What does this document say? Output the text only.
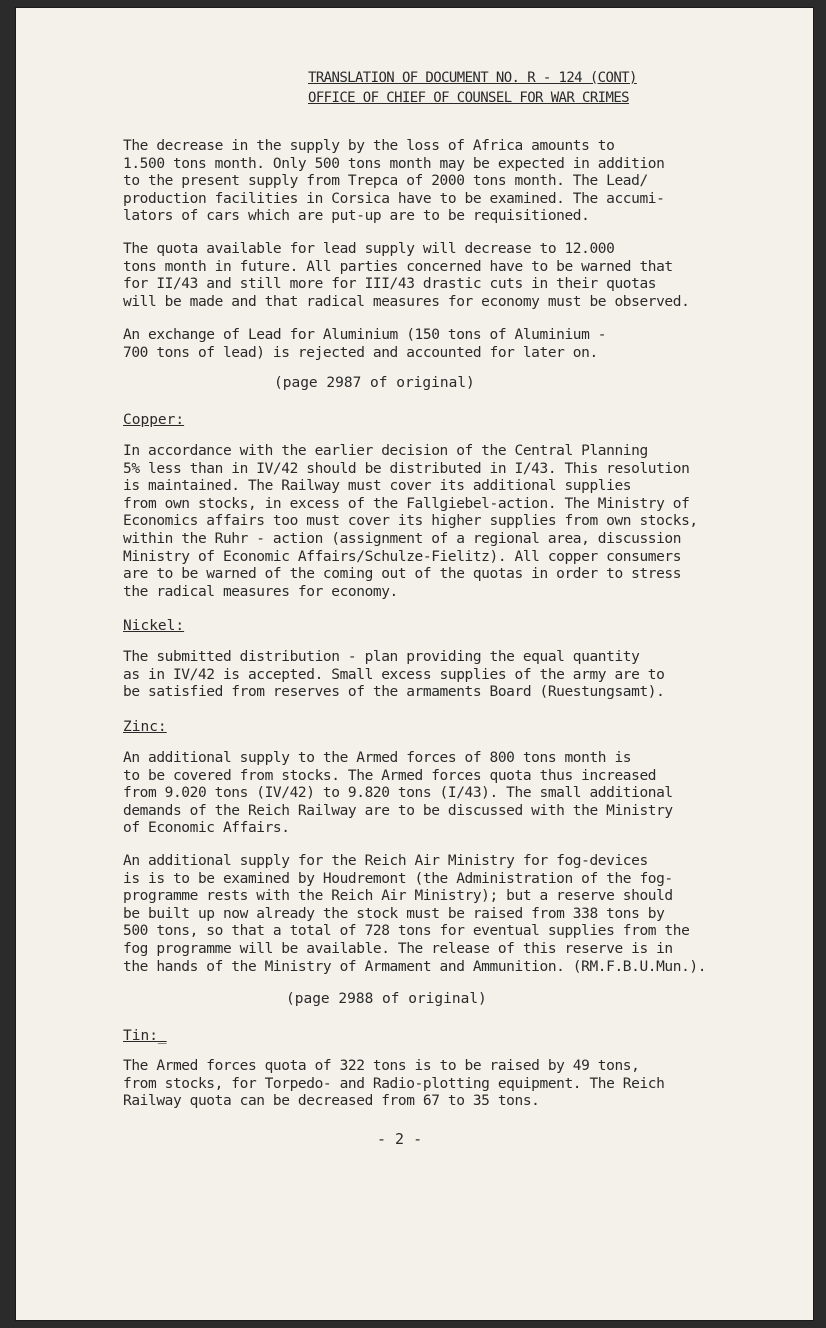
TRANSLATION OF DOCUMENT NO. R - 124 (CONT)
OFFICE OF CHIEF OF COUNSEL FOR WAR CRIMES

The decrease in the supply by the loss of Africa amounts to
1.500 tons month. Only 500 tons month may be expected in addition
to the present supply from Trepca of 2000 tons month. The Lead/
production facilities in Corsica have to be examined. The accumi-
lators of cars which are put-up are to be requisitioned.

The quota available for lead supply will decrease to 12.000
tons month in future. All parties concerned have to be warned that
for II/43 and still more for III/43 drastic cuts in their quotas
will be made and that radical measures for economy must be observed.

An exchange of Lead for Aluminium (150 tons of Aluminium -
700 tons of lead) is rejected and accounted for later on.

(page 2987 of original)

Copper:

In accordance with the earlier decision of the Central Planning
5% less than in IV/42 should be distributed in I/43. This resolution
is maintained. The Railway must cover its additional supplies
from own stocks, in excess of the Fallgiebel-action. The Ministry of
Economics affairs too must cover its higher supplies from own stocks,
within the Ruhr - action (assignment of a regional area, discussion
Ministry of Economic Affairs/Schulze-Fielitz). All copper consumers
are to be warned of the coming out of the quotas in order to stress
the radical measures for economy.

Nickel:

The submitted distribution - plan providing the equal quantity
as in IV/42 is accepted. Small excess supplies of the army are to
be satisfied from reserves of the armaments Board (Ruestungsamt).

Zinc:

An additional supply to the Armed forces of 800 tons month is
to be covered from stocks. The Armed forces quota thus increased
from 9.020 tons (IV/42) to 9.820 tons (I/43). The small additional
demands of the Reich Railway are to be discussed with the Ministry
of Economic Affairs.

An additional supply for the Reich Air Ministry for fog-devices
is is to be examined by Houdremont (the Administration of the fog-
programme rests with the Reich Air Ministry); but a reserve should
be built up now already the stock must be raised from 338 tons by
500 tons, so that a total of 728 tons for eventual supplies from the
fog programme will be available. The release of this reserve is in
the hands of the Ministry of Armament and Ammunition. (RM.F.B.U.Mun.).

(page 2988 of original)

Tin:_

The Armed forces quota of 322 tons is to be raised by 49 tons,
from stocks, for Torpedo- and Radio-plotting equipment. The Reich
Railway quota can be decreased from 67 to 35 tons.

- 2 -
